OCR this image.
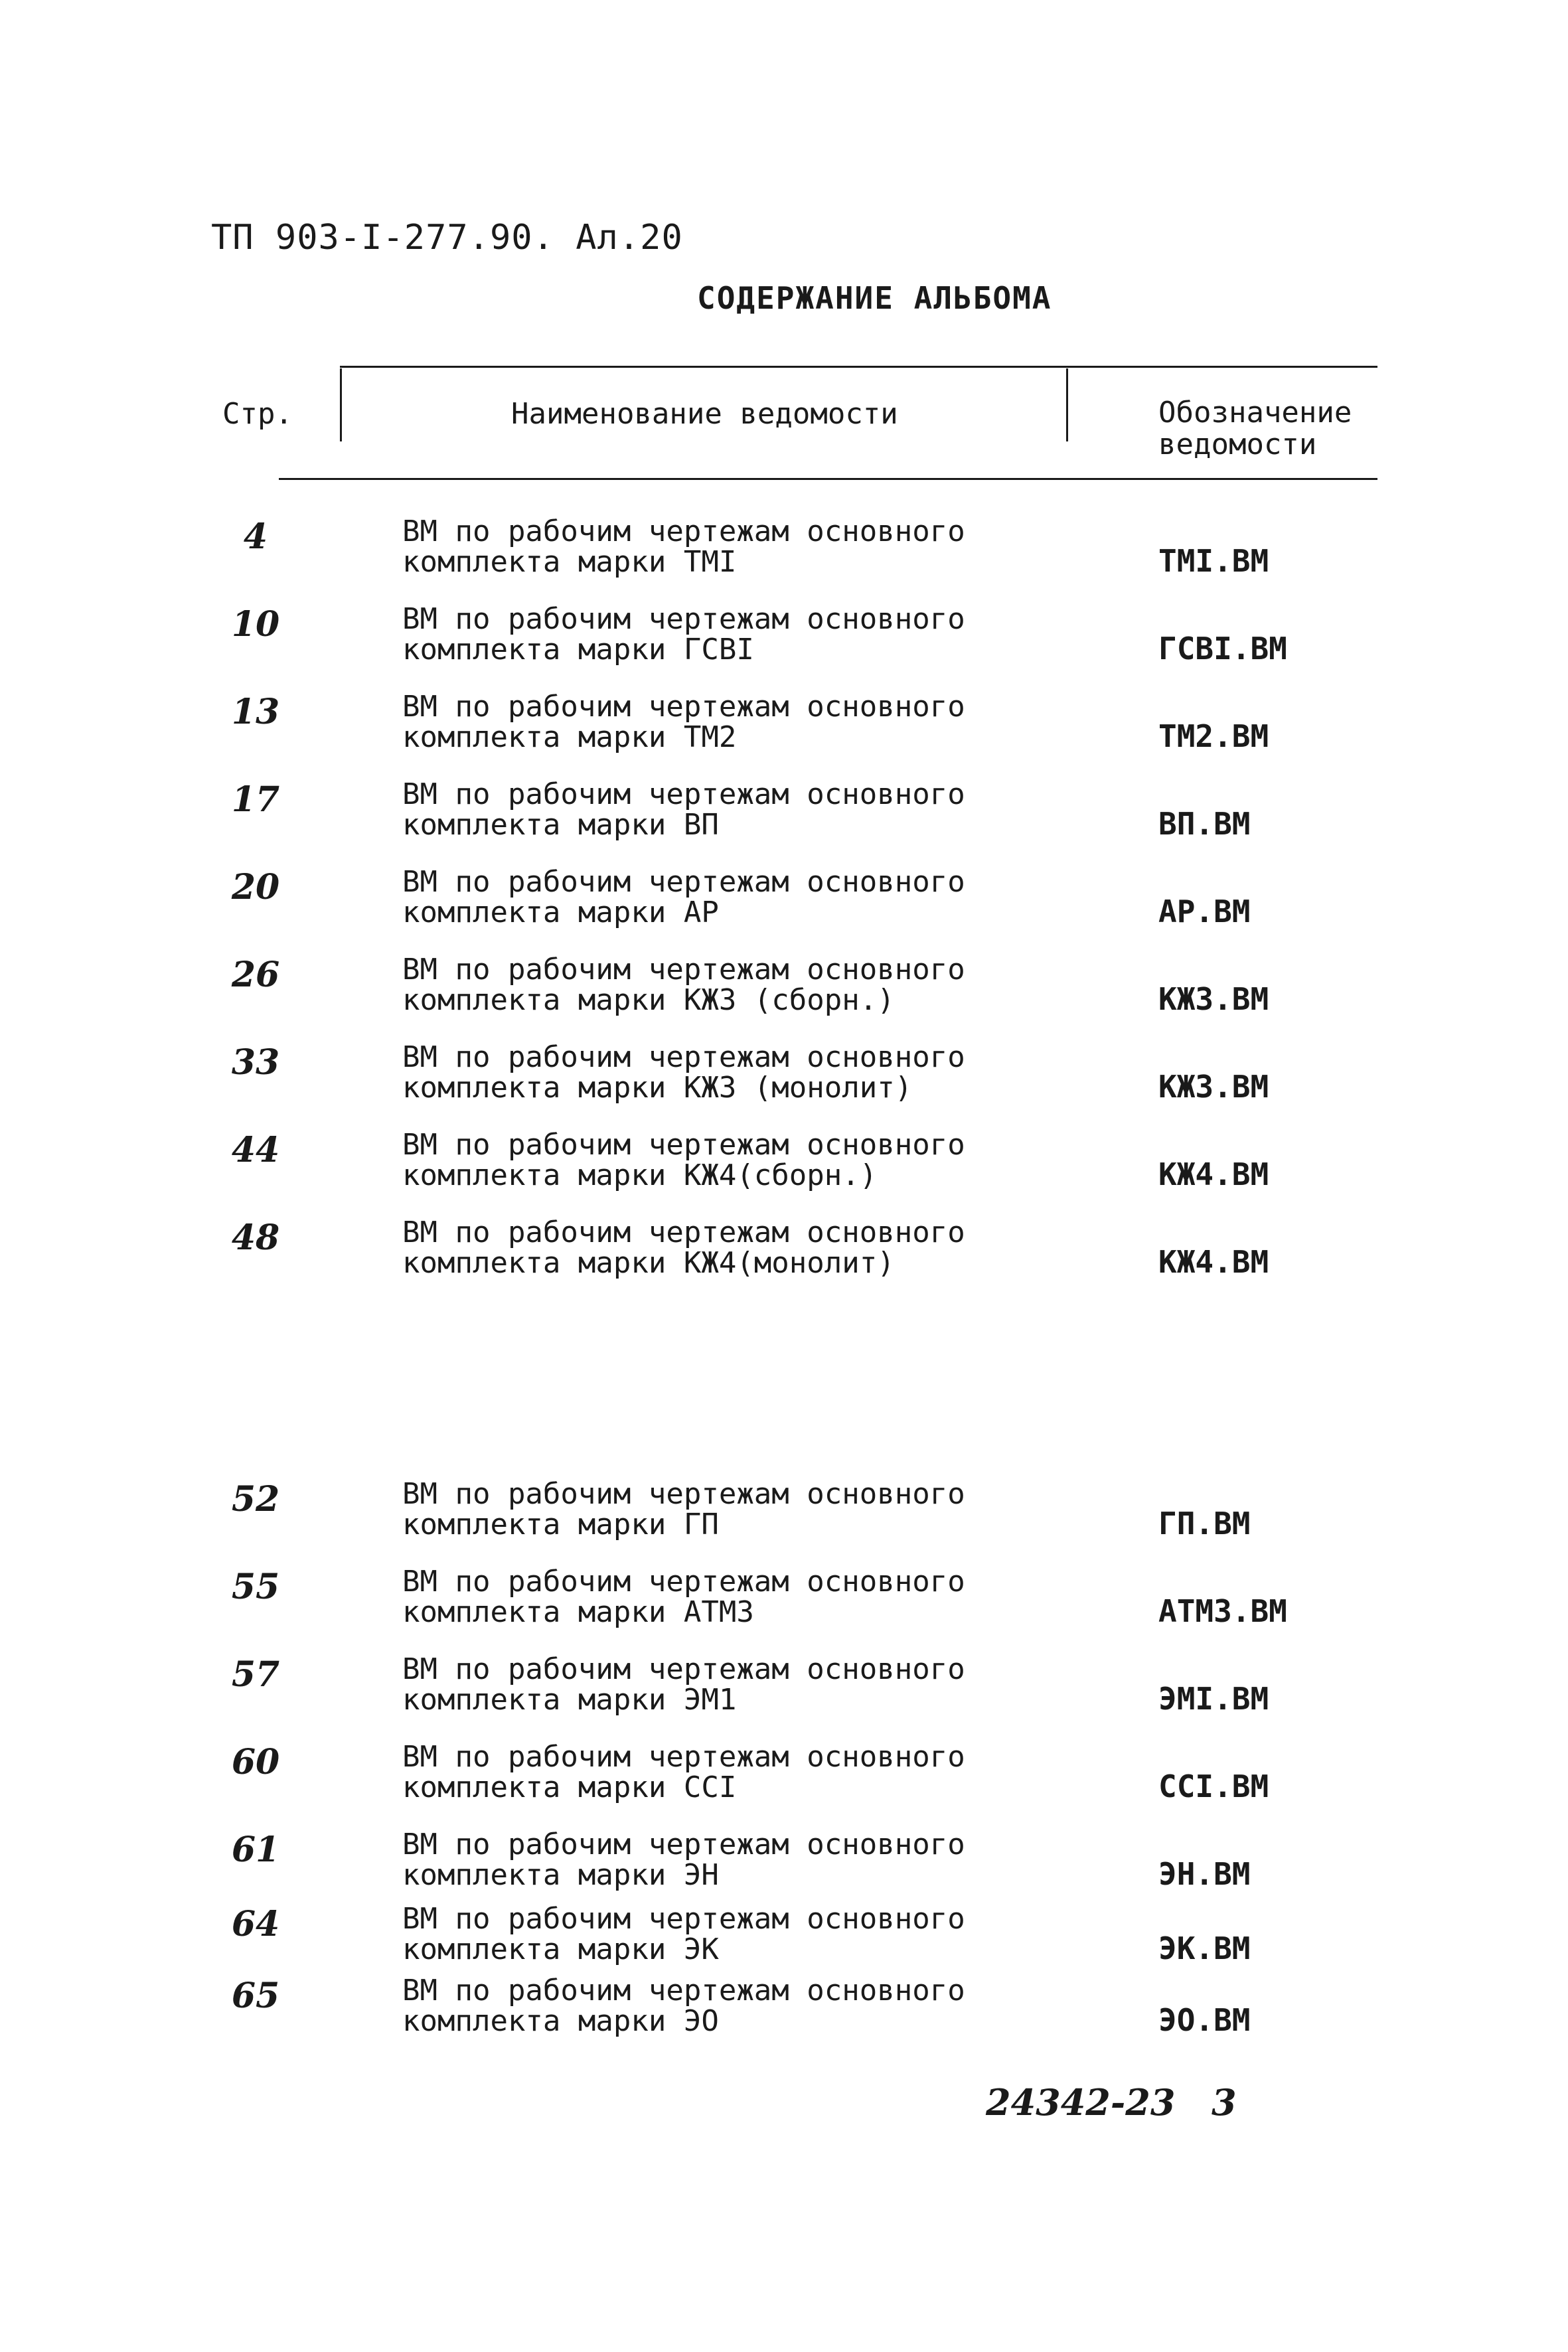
ТП 903-I-277.90. Ал.20
СОДЕРЖАНИЕ АЛЬБОМА
Стр.	Наименование ведомости	Обозначение
ведомости
4	ВМ по рабочим чертежам основного
комплекта марки ТМI	ТМI.ВМ
10	ВМ по рабочим чертежам основного
комплекта марки ГСВI	ГСВI.ВМ
13	ВМ по рабочим чертежам основного
комплекта марки ТМ2	ТМ2.ВМ
17	ВМ по рабочим чертежам основного
комплекта марки ВП	ВП.ВМ
20	ВМ по рабочим чертежам основного
комплекта марки АР	АР.ВМ
26	ВМ по рабочим чертежам основного
комплекта марки КЖ3 (сборн.)	КЖ3.ВМ
33	ВМ по рабочим чертежам основного
комплекта марки КЖ3 (монолит)	КЖ3.ВМ
44	ВМ по рабочим чертежам основного
комплекта марки КЖ4(сборн.)	КЖ4.ВМ
48	ВМ по рабочим чертежам основного
комплекта марки КЖ4(монолит)	КЖ4.ВМ
52	ВМ по рабочим чертежам основного
комплекта марки ГП	ГП.ВМ
55	ВМ по рабочим чертежам основного
комплекта марки АТМ3	АТМ3.ВМ
57	ВМ по рабочим чертежам основного
комплекта марки ЭМ1	ЭМI.ВМ
60	ВМ по рабочим чертежам основного
комплекта марки ССI	ССI.ВМ
61	ВМ по рабочим чертежам основного
комплекта марки ЭН	ЭН.ВМ
64	ВМ по рабочим чертежам основного
комплекта марки ЭК	ЭК.ВМ
65	ВМ по рабочим чертежам основного
комплекта марки ЭО	ЭО.ВМ
24342-23 3
